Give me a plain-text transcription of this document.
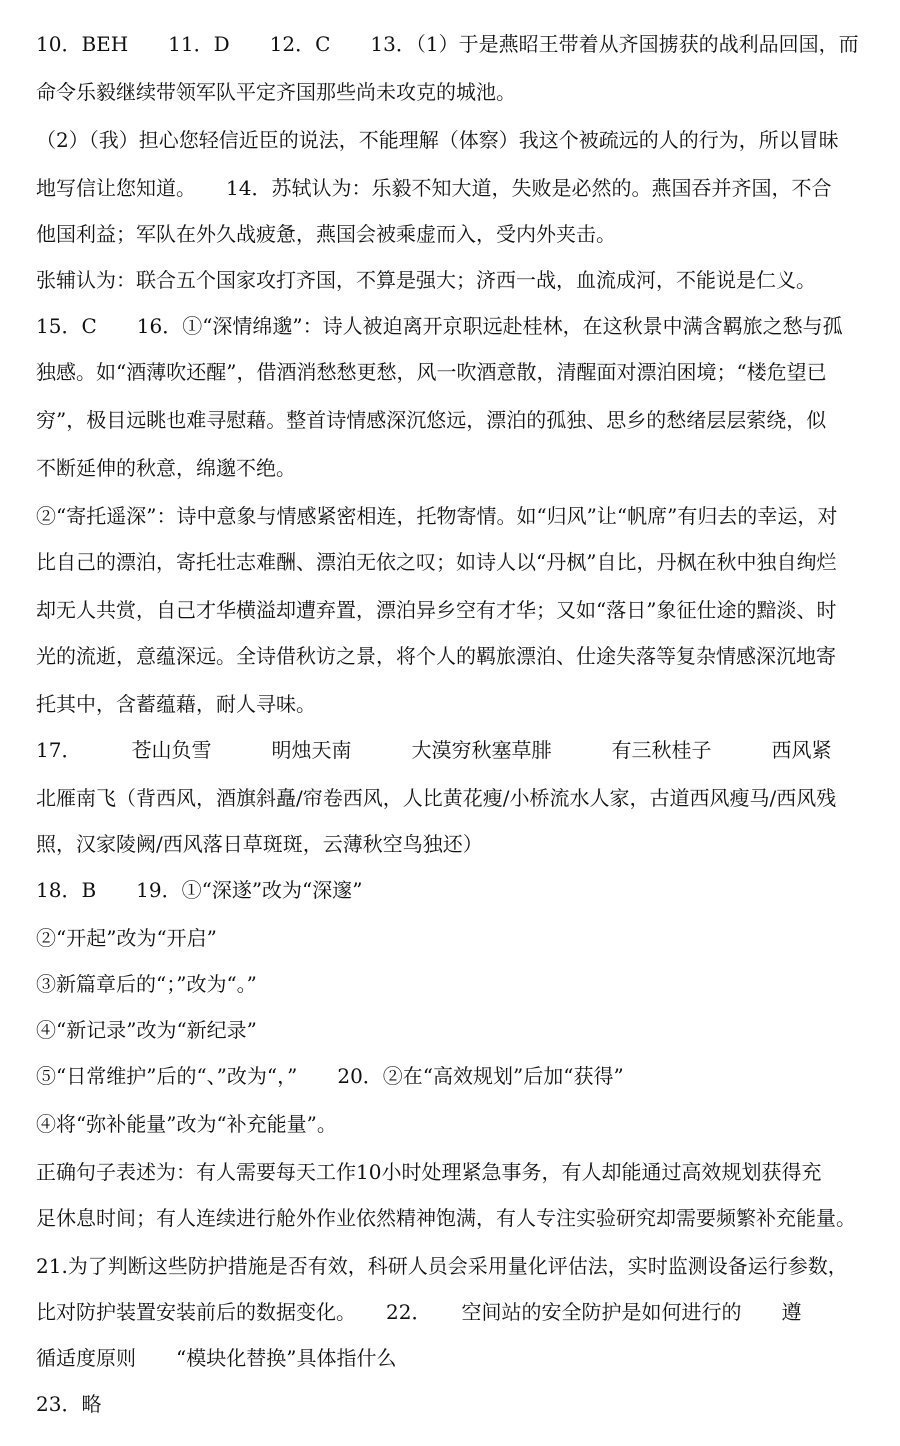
10．BEH　　11．D　　12．C　　13．（1）于是燕昭王带着从齐国掳获的战利品回国，而
命令乐毅继续带领军队平定齐国那些尚未攻克的城池。
（2）（我）担心您轻信近臣的说法，不能理解（体察）我这个被疏远的人的行为，所以冒昧
地写信让您知道。　　14．苏轼认为：乐毅不知大道，失败是必然的。燕国吞并齐国，不合
他国利益；军队在外久战疲惫，燕国会被乘虚而入，受内外夹击。
张辅认为：联合五个国家攻打齐国，不算是强大；济西一战，血流成河，不能说是仁义。
15．C　　16．①“深情绵邈”：诗人被迫离开京职远赴桂林，在这秋景中满含羁旅之愁与孤
独感。如“酒薄吹还醒”，借酒消愁愁更愁，风一吹酒意散，清醒面对漂泊困境；“楼危望已
穷”，极目远眺也难寻慰藉。整首诗情感深沉悠远，漂泊的孤独、思乡的愁绪层层萦绕，似
不断延伸的秋意，绵邈不绝。
②“寄托遥深”：诗中意象与情感紧密相连，托物寄情。如“归风”让“帆席”有归去的幸运，对
比自己的漂泊，寄托壮志难酬、漂泊无依之叹；如诗人以“丹枫”自比，丹枫在秋中独自绚烂
却无人共赏，自己才华横溢却遭弃置，漂泊异乡空有才华；又如“落日”象征仕途的黯淡、时
光的流逝，意蕴深远。全诗借秋访之景，将个人的羁旅漂泊、仕途失落等复杂情感深沉地寄
托其中，含蓄蕴藉，耐人寻味。
17．　　　苍山负雪　　　明烛天南　　　大漠穷秋塞草腓　　　有三秋桂子　　　西风紧
北雁南飞（背西风，酒旗斜矗/帘卷西风，人比黄花瘦/小桥流水人家，古道西风瘦马/西风残
照，汉家陵阙/西风落日草斑斑，云薄秋空鸟独还）
18．B　　19．①“深遂”改为“深邃”
②“开起”改为“开启”
③新篇章后的“；”改为“。”
④“新记录”改为“新纪录”
⑤“日常维护”后的“、”改为“，”　　20．②在“高效规划”后加“获得”
④将“弥补能量”改为“补充能量”。
正确句子表述为：有人需要每天工作10小时处理紧急事务，有人却能通过高效规划获得充
足休息时间；有人连续进行舱外作业依然精神饱满，有人专注实验研究却需要频繁补充能量。
21.为了判断这些防护措施是否有效，科研人员会采用量化评估法，实时监测设备运行参数，
比对防护装置安装前后的数据变化。　　22．　　空间站的安全防护是如何进行的　　遵
循适度原则　　“模块化替换”具体指什么
23．略
